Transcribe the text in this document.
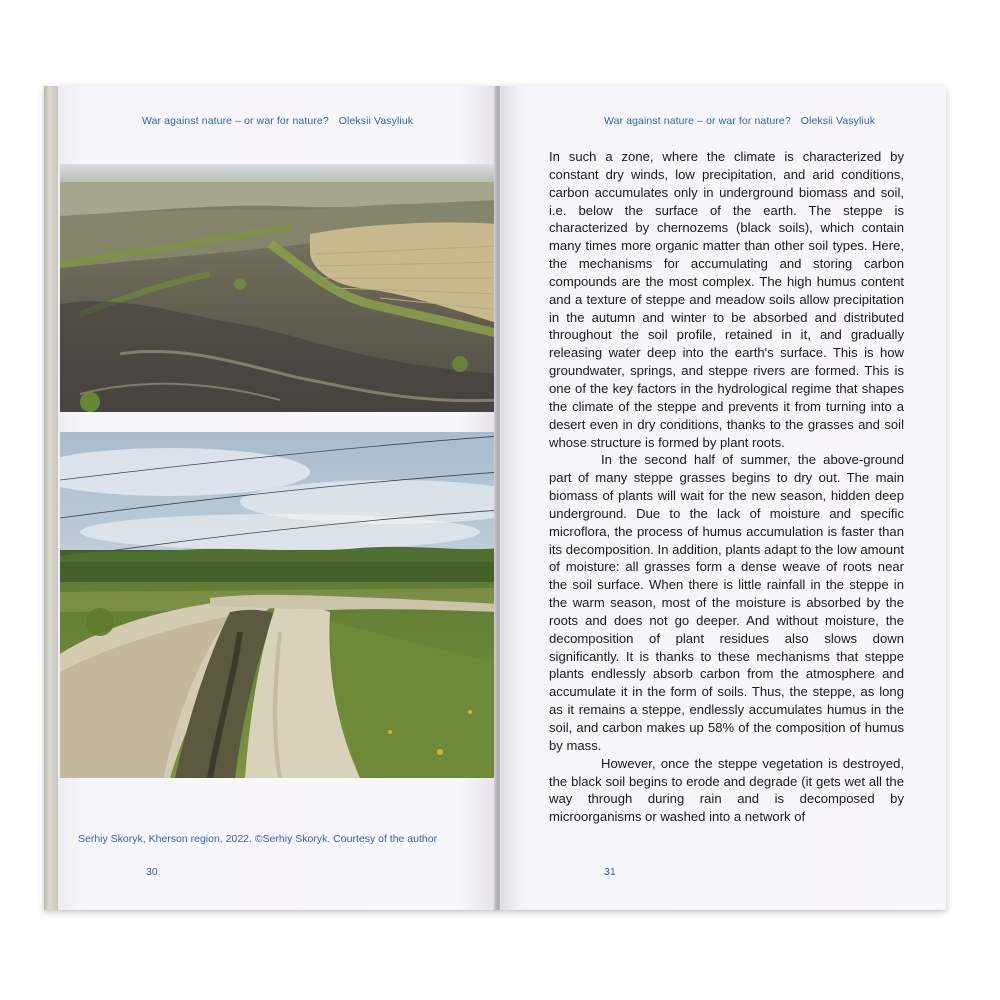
War against nature – or war for nature? Oleksii Vasyliuk
Serhiy Skoryk, Kherson region, 2022. ©Serhiy Skoryk. Courtesy of the author
30
War against nature – or war for nature? Oleksii Vasyliuk

In such a zone, where the climate is characterized by constant dry winds, low precipitation, and arid conditions, carbon accumulates only in underground biomass and soil, i.e. below the surface of the earth. The steppe is characterized by chernozems (black soils), which contain many times more organic matter than other soil types. Here, the mechanisms for accumulating and storing carbon compounds are the most complex. The high humus content and a texture of steppe and meadow soils allow precipitation in the autumn and winter to be absorbed and distributed throughout the soil profile, retained in it, and gradually releasing water deep into the earth's surface. This is how groundwater, springs, and steppe rivers are formed. This is one of the key factors in the hydrological regime that shapes the climate of the steppe and prevents it from turning into a desert even in dry conditions, thanks to the grasses and soil whose structure is formed by plant roots.

In the second half of summer, the above-ground part of many steppe grasses begins to dry out. The main biomass of plants will wait for the new season, hidden deep underground. Due to the lack of moisture and specific microflora, the process of humus accumulation is faster than its decomposition. In addition, plants adapt to the low amount of moisture: all grasses form a dense weave of roots near the soil surface. When there is little rainfall in the steppe in the warm season, most of the moisture is absorbed by the roots and does not go deeper. And without moisture, the decomposition of plant residues also slows down significantly. It is thanks to these mechanisms that steppe plants endlessly absorb carbon from the atmosphere and accumulate it in the form of soils. Thus, the steppe, as long as it remains a steppe, endlessly accumulates humus in the soil, and carbon makes up 58% of the composition of humus by mass.

However, once the steppe vegetation is destroyed, the black soil begins to erode and degrade (it gets wet all the way through during rain and is decomposed by microorganisms or washed into a network of

31
